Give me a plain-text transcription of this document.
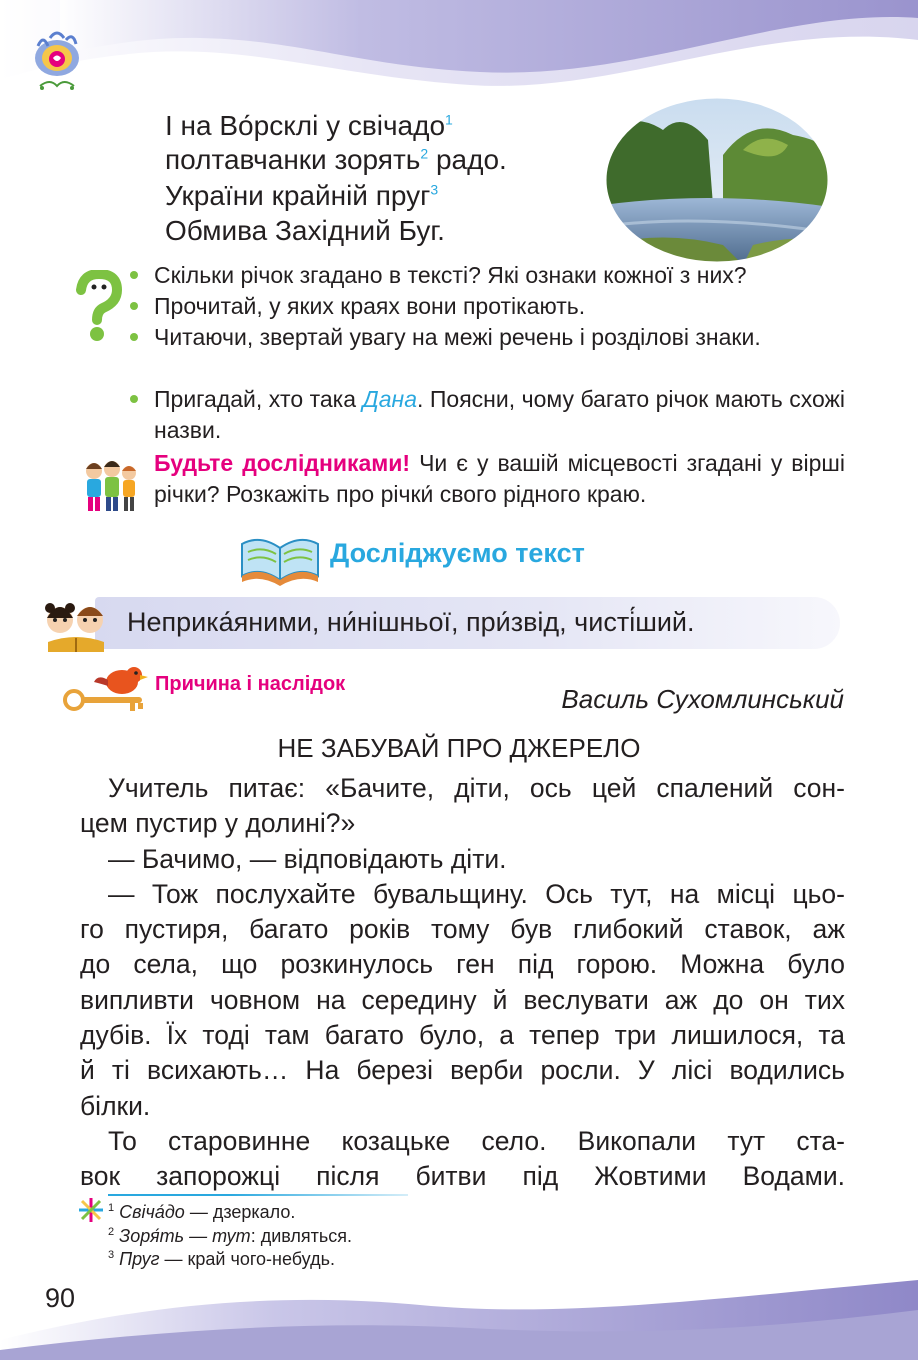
І на Во́рсклі у свічадо$^1$
полтавчанки зорять$^2$ радо.
України крайній пруг$^3$
Обмива Західний Буг.
Скільки річок згадано в тексті? Які ознаки кожної з них?
Прочитай, у яких краях вони протікають.
Читаючи, звертай увагу на межі речень і розділові знаки.
Пригадай, хто така Дана. Поясни, чому багато річок мають схожі назви.
Будьте дослідниками! Чи є у вашій місцевості згадані у вірші річки? Розкажіть про річки́ свого рідного краю.
Досліджуємо текст
Неприка́яними, ни́нішньої, при́звід, чисті́ший.
Причина і наслідок	Василь Сухомлинський
НЕ ЗАБУВАЙ ПРО ДЖЕРЕЛО
Учитель питає: «Бачите, діти, ось цей спалений сон-
цем пустир у долині?»
— Бачимо, — відповідають діти.
— Тож послухайте бувальщину. Ось тут, на місці цьо-
го пустиря, багато років тому був глибокий ставок, аж
до села, що розкинулось ген під горою. Можна було
випливти човном на середину й веслувати аж до он тих
дубів. Їх тоді там багато було, а тепер три лишилося, та
й ті всихають… На березі верби росли. У лісі водились
білки.
То старовинне козацьке село. Викопали тут ста-
вок запорожці після битви під Жовтими Водами.
$^1$ Свіча́до — дзеркало.
$^2$ Зоря́ть — тут: дивляться.
$^3$ Пруг — край чого-небудь.
90
